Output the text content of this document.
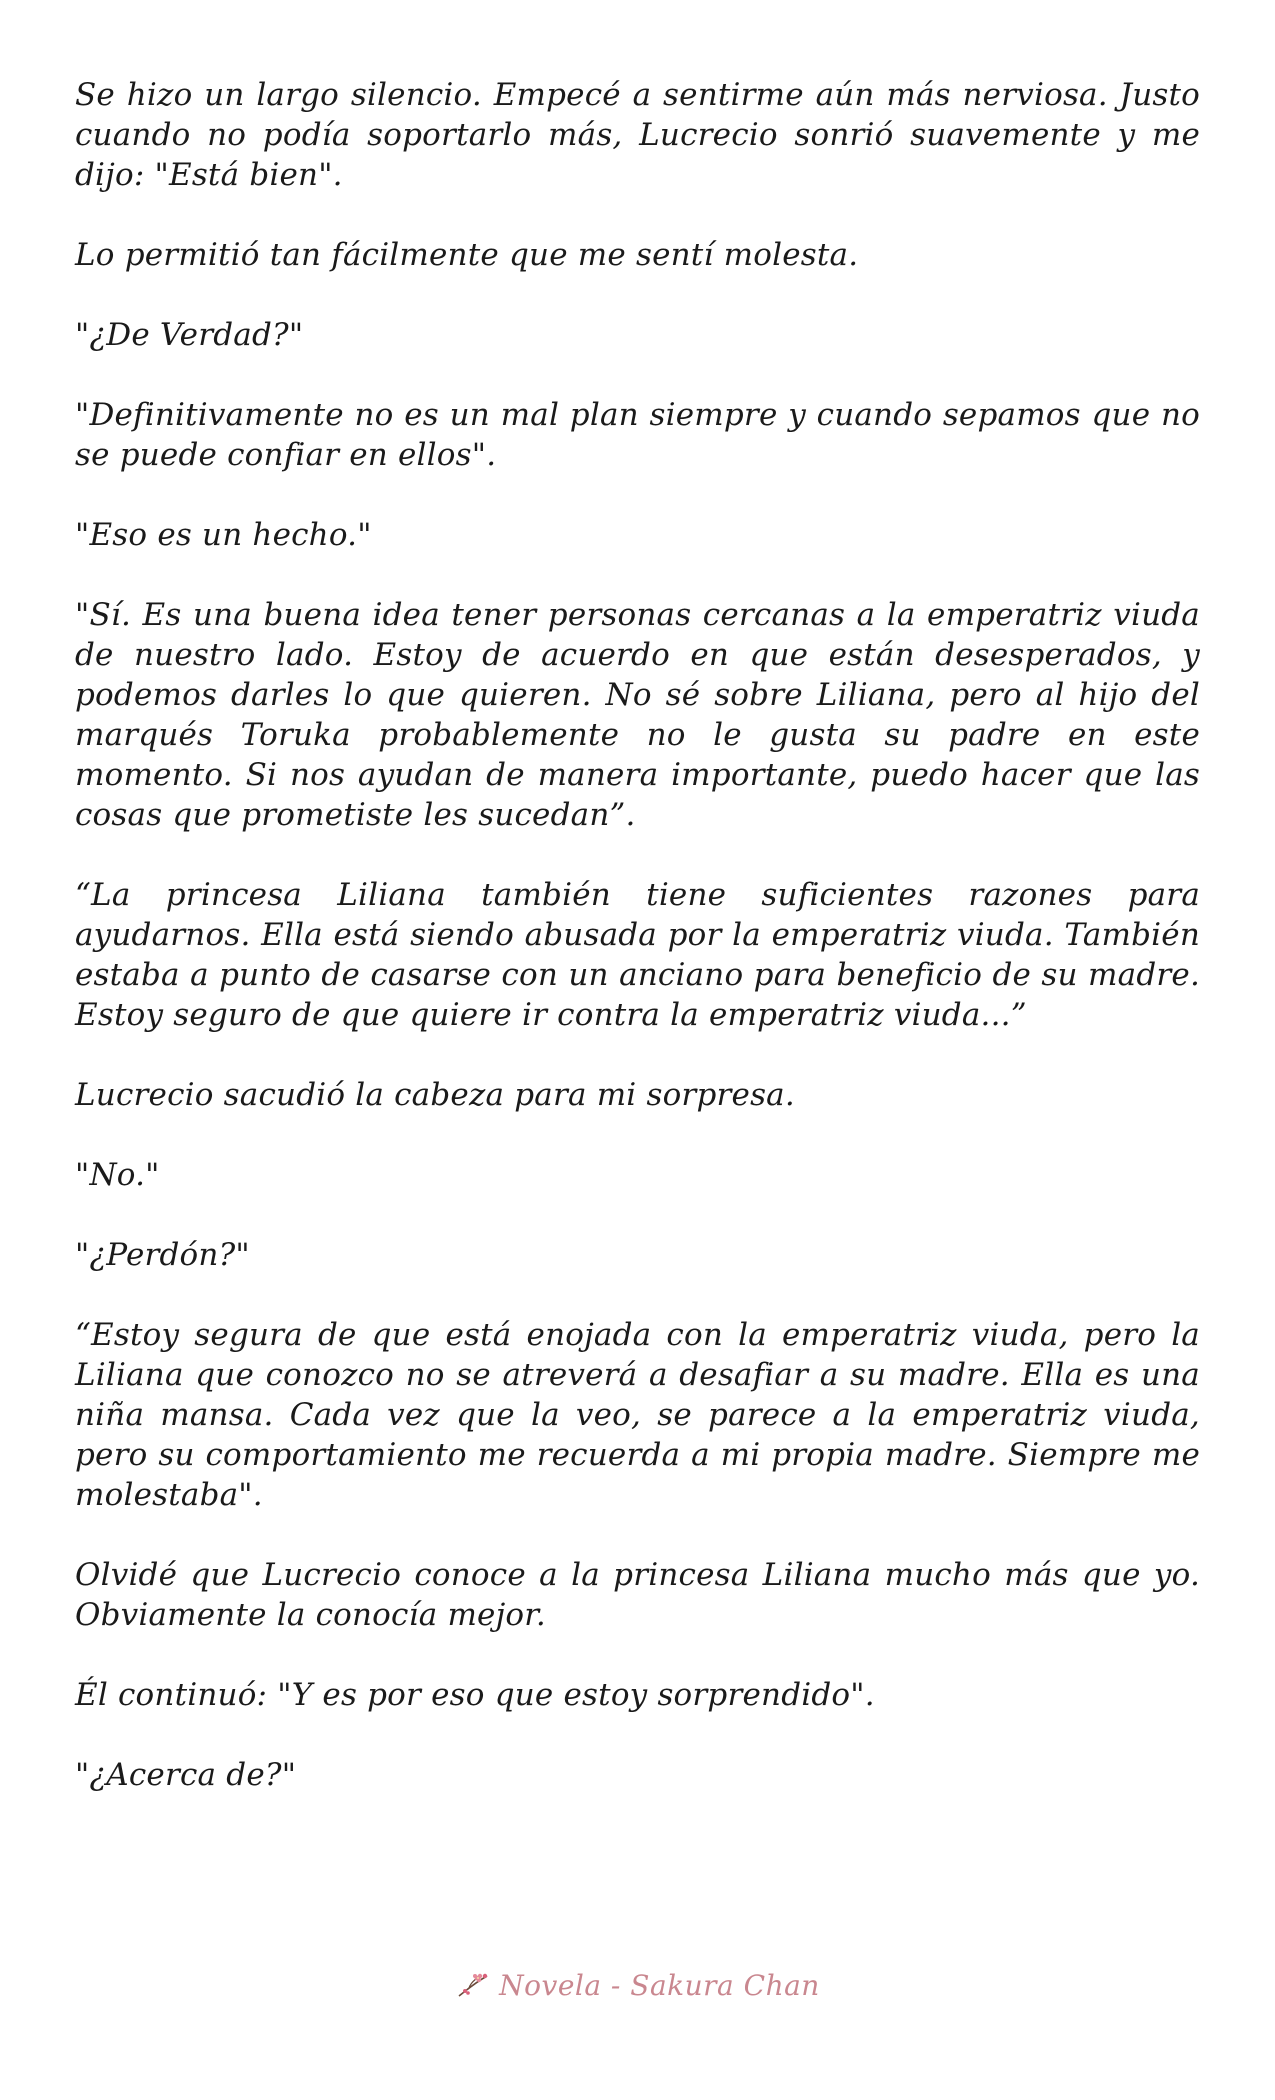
Se hizo un largo silencio. Empecé a sentirme aún más nerviosa. Justo cuando no podía soportarlo más, Lucrecio sonrió suavemente y me dijo: "Está bien".

Lo permitió tan fácilmente que me sentí molesta.

"¿De Verdad?"

"Definitivamente no es un mal plan siempre y cuando sepamos que no se puede confiar en ellos".

"Eso es un hecho."

"Sí. Es una buena idea tener personas cercanas a la emperatriz viuda de nuestro lado. Estoy de acuerdo en que están desesperados, y podemos darles lo que quieren. No sé sobre Liliana, pero al hijo del marqués Toruka probablemente no le gusta su padre en este momento. Si nos ayudan de manera importante, puedo hacer que las cosas que prometiste les sucedan”.

“La princesa Liliana también tiene suficientes razones para ayudarnos. Ella está siendo abusada por la emperatriz viuda. También estaba a punto de casarse con un anciano para beneficio de su madre. Estoy seguro de que quiere ir contra la emperatriz viuda...”

Lucrecio sacudió la cabeza para mi sorpresa.

"No."

"¿Perdón?"

“Estoy segura de que está enojada con la emperatriz viuda, pero la Liliana que conozco no se atreverá a desafiar a su madre. Ella es una niña mansa. Cada vez que la veo, se parece a la emperatriz viuda, pero su comportamiento me recuerda a mi propia madre. Siempre me molestaba".

Olvidé que Lucrecio conoce a la princesa Liliana mucho más que yo. Obviamente la conocía mejor.

Él continuó: "Y es por eso que estoy sorprendido".

"¿Acerca de?"

Novela - Sakura Chan
